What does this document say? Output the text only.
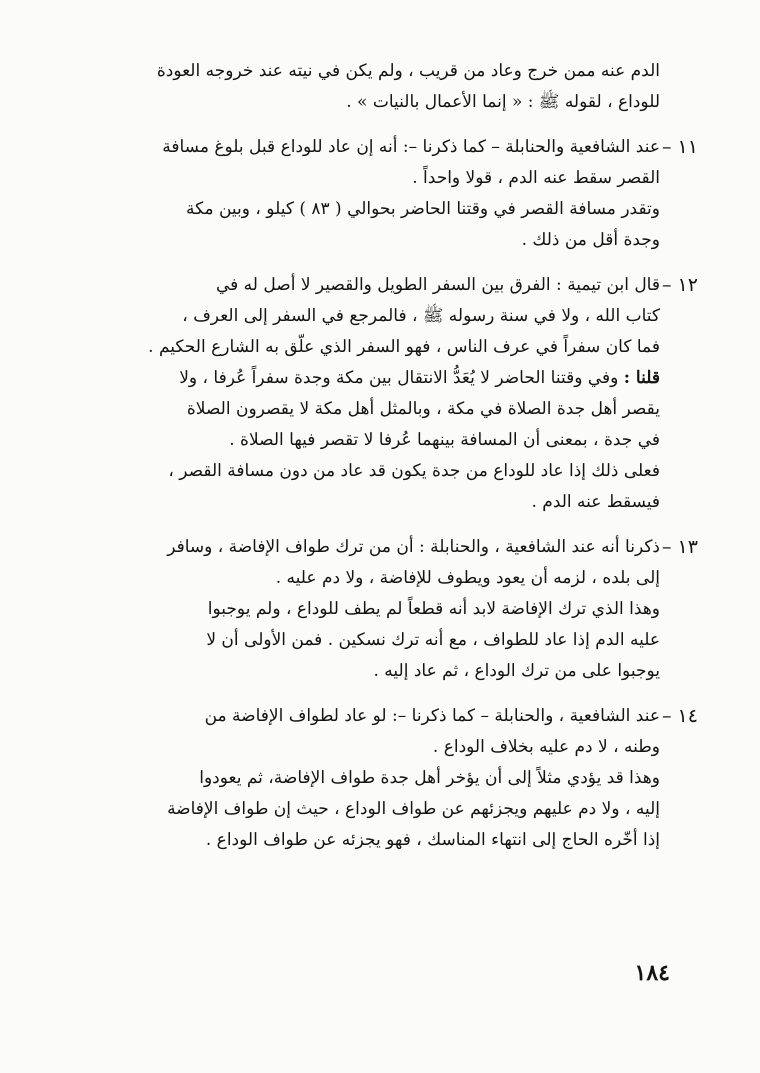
الدم عنه ممن خرج وعاد من قريب ، ولم يكن في نيته عند خروجه العودة
للوداع ، لقوله ﷺ : « إنما الأعمال بالنيات » .
١١ –
عند الشافعية والحنابلة – كما ذكرنا –: أنه إن عاد للوداع قبل بلوغ مسافة
القصر سقط عنه الدم ، قولا واحداً .
وتقدر مسافة القصر في وقتنا الحاضر بحوالي ( ٨٣ ) كيلو ، وبين مكة
وجدة أقل من ذلك .
١٢ –
قال ابن تيمية : الفرق بين السفر الطويل والقصير لا أصل له في
كتاب الله ، ولا في سنة رسوله ﷺ ، فالمرجع في السفر إلى العرف ،
فما كان سفراً في عرف الناس ، فهو السفر الذي علّق به الشارع الحكيم .
قلنا : وفي وقتنا الحاضر لا يُعَدُّ الانتقال بين مكة وجدة سفراً عُرفا ، ولا
يقصر أهل جدة الصلاة في مكة ، وبالمثل أهل مكة لا يقصرون الصلاة
في جدة ، بمعنى أن المسافة بينهما عُرفا لا تقصر فيها الصلاة .
فعلى ذلك إذا عاد للوداع من جدة يكون قد عاد من دون مسافة القصر ،
فيسقط عنه الدم .
١٣ –
ذكرنا أنه عند الشافعية ، والحنابلة : أن من ترك طواف الإفاضة ، وسافر
إلى بلده ، لزمه أن يعود ويطوف للإفاضة ، ولا دم عليه .
وهذا الذي ترك الإفاضة لابد أنه قطعاً لم يطف للوداع ، ولم يوجبوا
عليه الدم إذا عاد للطواف ، مع أنه ترك نسكين . فمن الأولى أن لا
يوجبوا على من ترك الوداع ، ثم عاد إليه .
١٤ –
عند الشافعية ، والحنابلة – كما ذكرنا –: لو عاد لطواف الإفاضة من
وطنه ، لا دم عليه بخلاف الوداع .
وهذا قد يؤدي مثلاً إلى أن يؤخر أهل جدة طواف الإفاضة، ثم يعودوا
إليه ، ولا دم عليهم ويجزئهم عن طواف الوداع ، حيث إن طواف الإفاضة
إذا أخّره الحاج إلى انتهاء المناسك ، فهو يجزئه عن طواف الوداع .
١٨٤
